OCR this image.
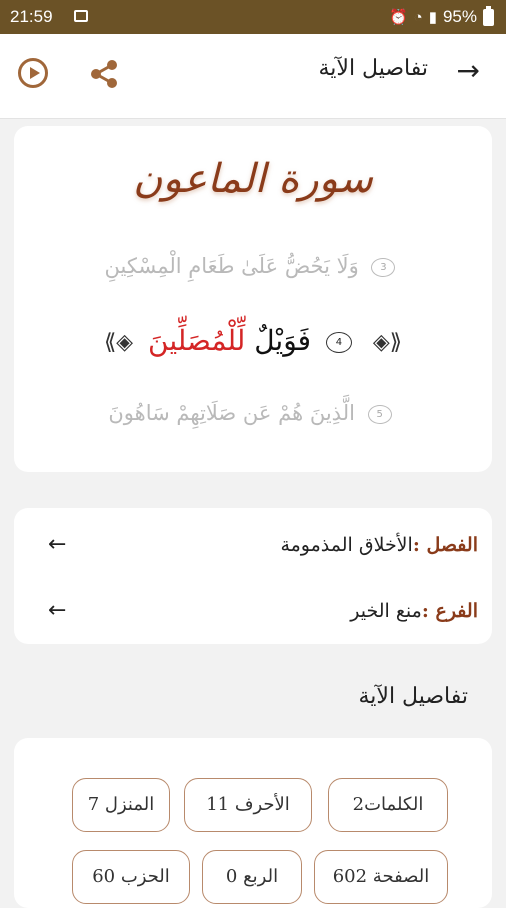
21:59	⏰ ◔ ▮ 95%
تفاصيل الآية →
سورة الماعون
وَلَا يَحُضُّ عَلَىٰ طَعَامِ الْمِسْكِينِ 3
⟪◈	فَوَيْلٌ لِّلْمُصَلِّينَ	4 ◈⟫
الَّذِينَ هُمْ عَن صَلَاتِهِمْ سَاهُونَ 5
الفصل :الأخلاق المذمومة
←
الفرع :منع الخير
←
تفاصيل الآية
الكلمات2
الأحرف 11
المنزل 7
الصفحة 602
الربع 0
الحزب 60
